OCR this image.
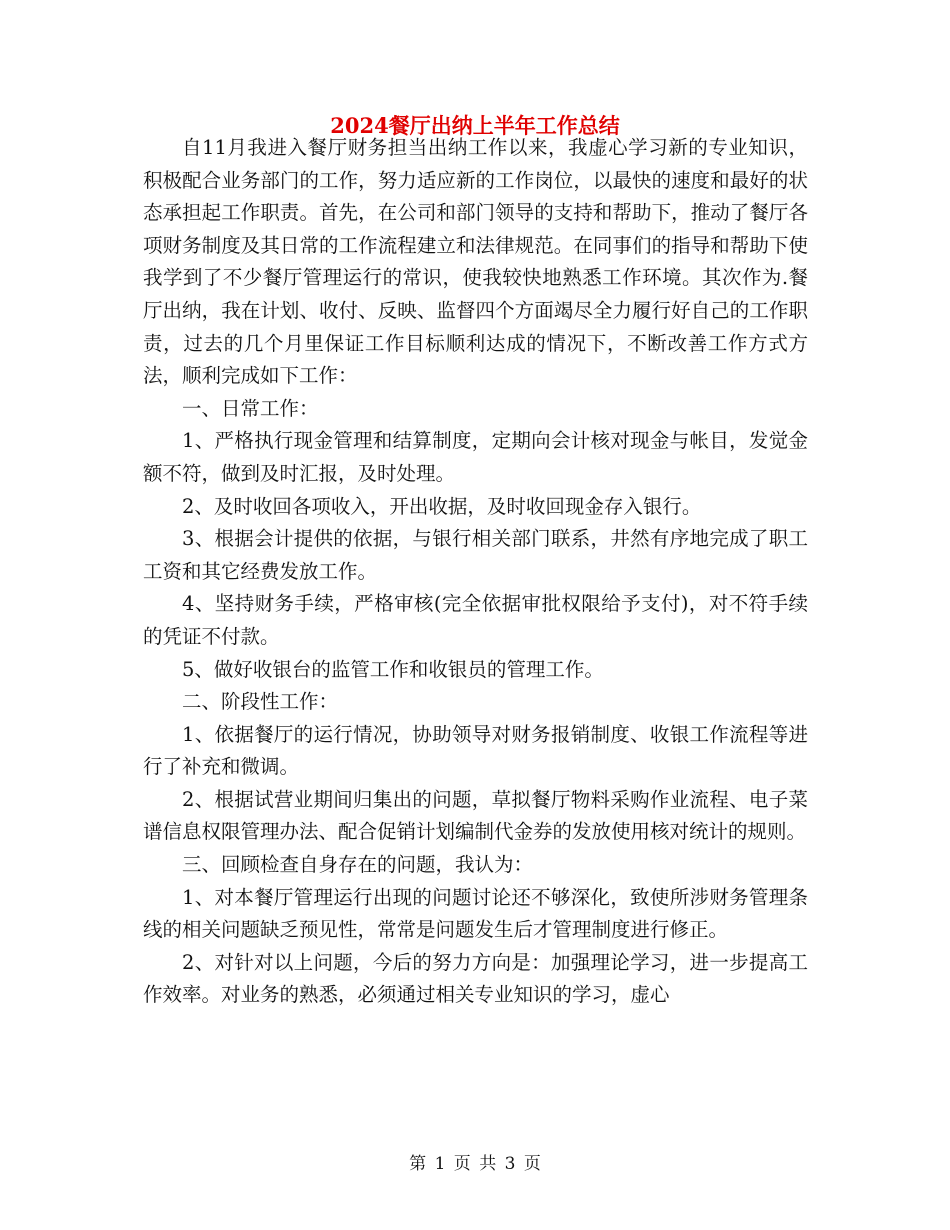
2024餐厅出纳上半年工作总结

自11月我进入餐厅财务担当出纳工作以来，我虚心学习新的专业知识，积极配合业务部门的工作，努力适应新的工作岗位，以最快的速度和最好的状态承担起工作职责。首先，在公司和部门领导的支持和帮助下，推动了餐厅各项财务制度及其日常的工作流程建立和法律规范。在同事们的指导和帮助下使我学到了不少餐厅管理运行的常识，使我较快地熟悉工作环境。其次作为.餐厅出纳，我在计划、收付、反映、监督四个方面竭尽全力履行好自己的工作职责，过去的几个月里保证工作目标顺利达成的情况下，不断改善工作方式方法，顺利完成如下工作：

一、日常工作：

1、严格执行现金管理和结算制度，定期向会计核对现金与帐目，发觉金额不符，做到及时汇报，及时处理。

2、及时收回各项收入，开出收据，及时收回现金存入银行。

3、根据会计提供的依据，与银行相关部门联系，井然有序地完成了职工工资和其它经费发放工作。

4、坚持财务手续，严格审核(完全依据审批权限给予支付)，对不符手续的凭证不付款。

5、做好收银台的监管工作和收银员的管理工作。

二、阶段性工作：

1、依据餐厅的运行情况，协助领导对财务报销制度、收银工作流程等进行了补充和微调。

2、根据试营业期间归集出的问题，草拟餐厅物料采购作业流程、电子菜谱信息权限管理办法、配合促销计划编制代金券的发放使用核对统计的规则。

三、回顾检查自身存在的问题，我认为：

1、对本餐厅管理运行出现的问题讨论还不够深化，致使所涉财务管理条线的相关问题缺乏预见性，常常是问题发生后才管理制度进行修正。

2、对针对以上问题，今后的努力方向是：加强理论学习，进一步提高工作效率。对业务的熟悉，必须通过相关专业知识的学习，虚心

第 1 页 共 3 页
